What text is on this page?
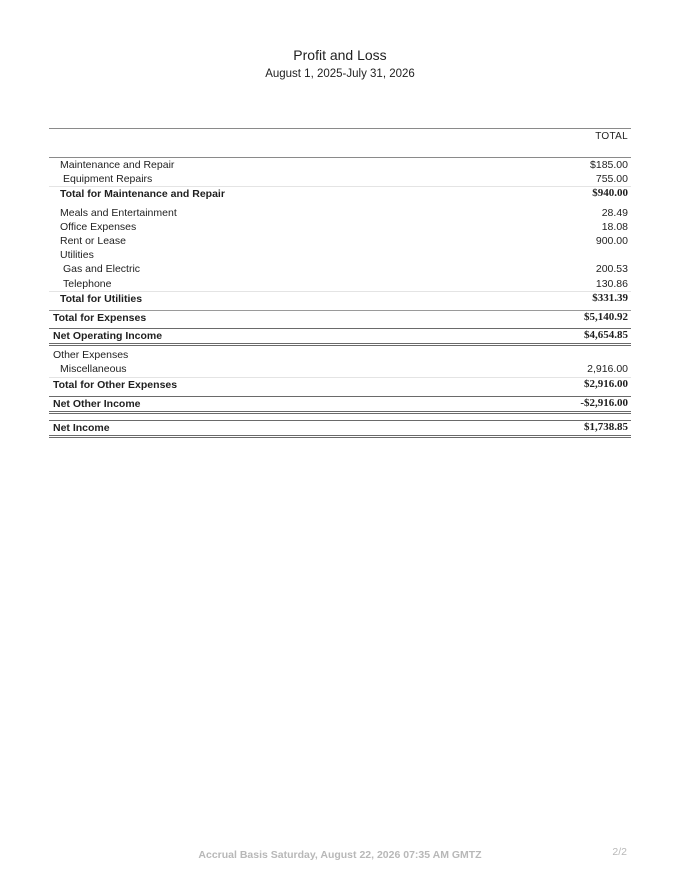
Profit and Loss
August 1, 2025-July 31, 2026
TOTAL
Maintenance and Repair	$185.00
Equipment Repairs	755.00
Total for Maintenance and Repair	$940.00
Meals and Entertainment	28.49
Office Expenses	18.08
Rent or Lease	900.00
Utilities
Gas and Electric	200.53
Telephone	130.86
Total for Utilities	$331.39
Total for Expenses	$5,140.92
Net Operating Income	$4,654.85
Other Expenses
Miscellaneous	2,916.00
Total for Other Expenses	$2,916.00
Net Other Income	-$2,916.00
Net Income	$1,738.85
Accrual Basis Saturday, August 22, 2026 07:35 AM GMTZ	2/2
